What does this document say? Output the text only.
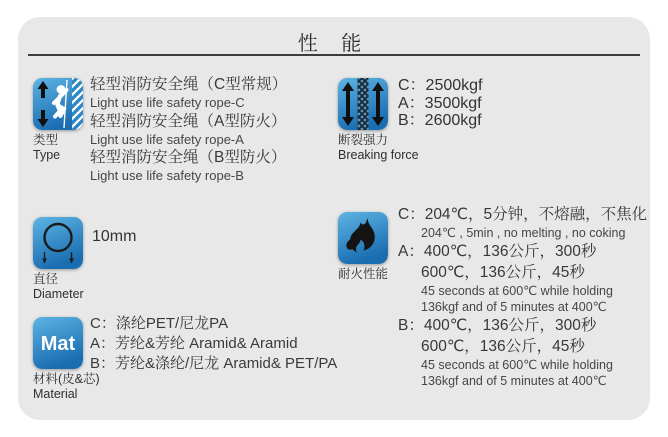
性 能
类型
Type
轻型消防安全绳（C型常规）
Light use life safety rope-C
轻型消防安全绳（A型防火）
Light use life safety rope-A
轻型消防安全绳（B型防火）
Light use life safety rope-B
断裂强力
Breaking force
C：2500kgf
A：3500kgf
B：2600kgf
直径
Diameter
10mm
耐火性能
C：204℃，5分钟，不熔融，不焦化
204℃ , 5min , no melting , no coking
A：400℃，136公斤，300秒
600℃，136公斤，45秒
45 seconds at 600℃ while holding
136kgf and of 5 minutes at 400℃
B：400℃，136公斤，300秒
600℃，136公斤，45秒
45 seconds at 600℃ while holding
136kgf and of 5 minutes at 400℃
Mat
材料(皮&芯)
Material
C：涤纶PET/尼龙PA
A：芳纶&芳纶 Aramid& Aramid
B：芳纶&涤纶/尼龙 Aramid& PET/PA
